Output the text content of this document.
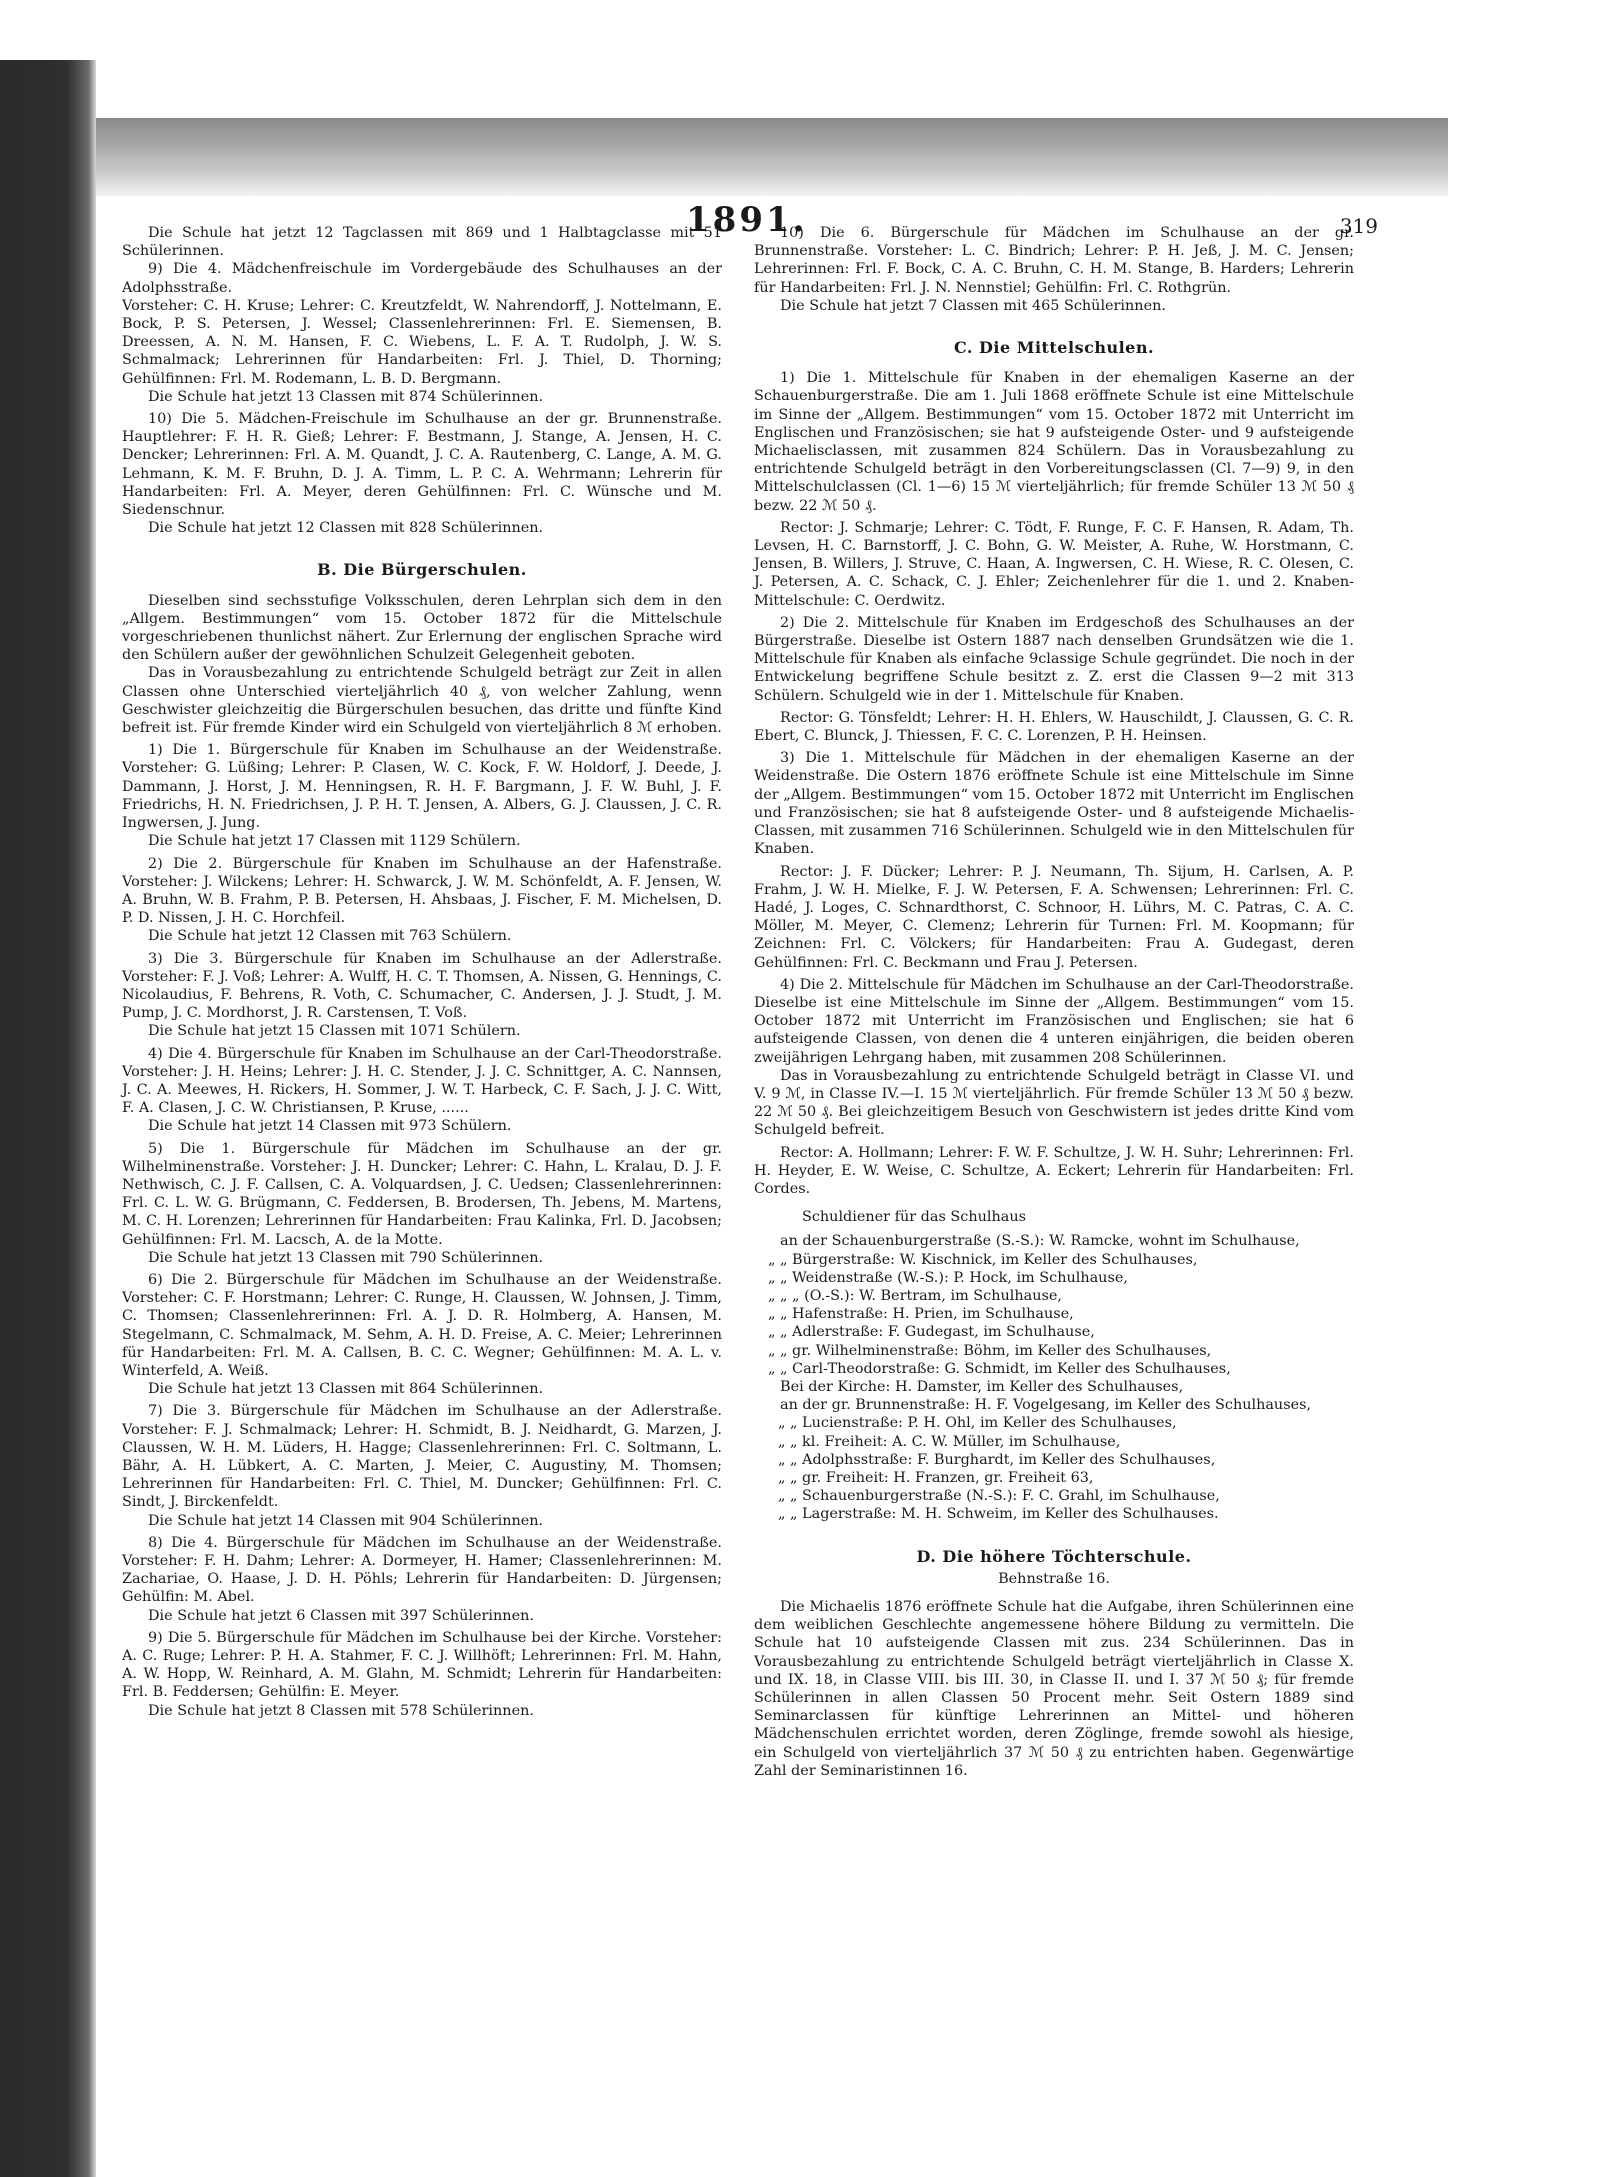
1891.	319

Die Schule hat jetzt 12 Tagclassen mit 869 und 1 Halbtagclasse mit 51 Schülerinnen.

9) Die 4. Mädchenfreischule im Vordergebäude des Schulhauses an der Adolphsstraße.

Vorsteher: C. H. Kruse; Lehrer: C. Kreutzfeldt, W. Nahrendorff, J. Nottelmann, E. Bock, P. S. Petersen, J. Wessel; Classenlehrerinnen: Frl. E. Siemensen, B. Dreessen, A. N. M. Hansen, F. C. Wiebens, L. F. A. T. Rudolph, J. W. S. Schmalmack; Lehrerinnen für Handarbeiten: Frl. J. Thiel, D. Thorning; Gehülfinnen: Frl. M. Rodemann, L. B. D. Bergmann.

Die Schule hat jetzt 13 Classen mit 874 Schülerinnen.

10) Die 5. Mädchen-Freischule im Schulhause an der gr. Brunnenstraße. Hauptlehrer: F. H. R. Gieß; Lehrer: F. Bestmann, J. Stange, A. Jensen, H. C. Dencker; Lehrerinnen: Frl. A. M. Quandt, J. C. A. Rautenberg, C. Lange, A. M. G. Lehmann, K. M. F. Bruhn, D. J. A. Timm, L. P. C. A. Wehrmann; Lehrerin für Handarbeiten: Frl. A. Meyer, deren Gehülfinnen: Frl. C. Wünsche und M. Siedenschnur.

Die Schule hat jetzt 12 Classen mit 828 Schülerinnen.

B. Die Bürgerschulen.

Dieselben sind sechsstufige Volksschulen, deren Lehrplan sich dem in den „Allgem. Bestimmungen“ vom 15. October 1872 für die Mittelschule vorgeschriebenen thunlichst nähert. Zur Erlernung der englischen Sprache wird den Schülern außer der gewöhnlichen Schulzeit Gelegenheit geboten.

Das in Vorausbezahlung zu entrichtende Schulgeld beträgt zur Zeit in allen Classen ohne Unterschied vierteljährlich 40 ₰, von welcher Zahlung, wenn Geschwister gleichzeitig die Bürgerschulen besuchen, das dritte und fünfte Kind befreit ist. Für fremde Kinder wird ein Schulgeld von vierteljährlich 8 ℳ erhoben.

1) Die 1. Bürgerschule für Knaben im Schulhause an der Weidenstraße. Vorsteher: G. Lüßing; Lehrer: P. Clasen, W. C. Kock, F. W. Holdorf, J. Deede, J. Dammann, J. Horst, J. M. Henningsen, R. H. F. Bargmann, J. F. W. Buhl, J. F. Friedrichs, H. N. Friedrichsen, J. P. H. T. Jensen, A. Albers, G. J. Claussen, J. C. R. Ingwersen, J. Jung.

Die Schule hat jetzt 17 Classen mit 1129 Schülern.

2) Die 2. Bürgerschule für Knaben im Schulhause an der Hafenstraße. Vorsteher: J. Wilckens; Lehrer: H. Schwarck, J. W. M. Schönfeldt, A. F. Jensen, W. A. Bruhn, W. B. Frahm, P. B. Petersen, H. Ahsbaas, J. Fischer, F. M. Michelsen, D. P. D. Nissen, J. H. C. Horchfeil.

Die Schule hat jetzt 12 Classen mit 763 Schülern.

3) Die 3. Bürgerschule für Knaben im Schulhause an der Adlerstraße. Vorsteher: F. J. Voß; Lehrer: A. Wulff, H. C. T. Thomsen, A. Nissen, G. Hennings, C. Nicolaudius, F. Behrens, R. Voth, C. Schumacher, C. Andersen, J. J. Studt, J. M. Pump, J. C. Mordhorst, J. R. Carstensen, T. Voß.

Die Schule hat jetzt 15 Classen mit 1071 Schülern.

4) Die 4. Bürgerschule für Knaben im Schulhause an der Carl-Theodorstraße. Vorsteher: J. H. Heins; Lehrer: J. H. C. Stender, J. J. C. Schnittger, A. C. Nannsen, J. C. A. Meewes, H. Rickers, H. Sommer, J. W. T. Harbeck, C. F. Sach, J. J. C. Witt, F. A. Clasen, J. C. W. Christiansen, P. Kruse, ......

Die Schule hat jetzt 14 Classen mit 973 Schülern.

5) Die 1. Bürgerschule für Mädchen im Schulhause an der gr. Wilhelminenstraße. Vorsteher: J. H. Duncker; Lehrer: C. Hahn, L. Kralau, D. J. F. Nethwisch, C. J. F. Callsen, C. A. Volquardsen, J. C. Uedsen; Classenlehrerinnen: Frl. C. L. W. G. Brügmann, C. Feddersen, B. Brodersen, Th. Jebens, M. Martens, M. C. H. Lorenzen; Lehrerinnen für Handarbeiten: Frau Kalinka, Frl. D. Jacobsen; Gehülfinnen: Frl. M. Lacsch, A. de la Motte.

Die Schule hat jetzt 13 Classen mit 790 Schülerinnen.

6) Die 2. Bürgerschule für Mädchen im Schulhause an der Weidenstraße. Vorsteher: C. F. Horstmann; Lehrer: C. Runge, H. Claussen, W. Johnsen, J. Timm, C. Thomsen; Classenlehrerinnen: Frl. A. J. D. R. Holmberg, A. Hansen, M. Stegelmann, C. Schmalmack, M. Sehm, A. H. D. Freise, A. C. Meier; Lehrerinnen für Handarbeiten: Frl. M. A. Callsen, B. C. C. Wegner; Gehülfinnen: M. A. L. v. Winterfeld, A. Weiß.

Die Schule hat jetzt 13 Classen mit 864 Schülerinnen.

7) Die 3. Bürgerschule für Mädchen im Schulhause an der Adlerstraße. Vorsteher: F. J. Schmalmack; Lehrer: H. Schmidt, B. J. Neidhardt, G. Marzen, J. Claussen, W. H. M. Lüders, H. Hagge; Classenlehrerinnen: Frl. C. Soltmann, L. Bähr, A. H. Lübkert, A. C. Marten, J. Meier, C. Augustiny, M. Thomsen; Lehrerinnen für Handarbeiten: Frl. C. Thiel, M. Duncker; Gehülfinnen: Frl. C. Sindt, J. Birckenfeldt.

Die Schule hat jetzt 14 Classen mit 904 Schülerinnen.

8) Die 4. Bürgerschule für Mädchen im Schulhause an der Weidenstraße. Vorsteher: F. H. Dahm; Lehrer: A. Dormeyer, H. Hamer; Classenlehrerinnen: M. Zachariae, O. Haase, J. D. H. Pöhls; Lehrerin für Handarbeiten: D. Jürgensen; Gehülfin: M. Abel.

Die Schule hat jetzt 6 Classen mit 397 Schülerinnen.

9) Die 5. Bürgerschule für Mädchen im Schulhause bei der Kirche. Vorsteher: A. C. Ruge; Lehrer: P. H. A. Stahmer, F. C. J. Willhöft; Lehrerinnen: Frl. M. Hahn, A. W. Hopp, W. Reinhard, A. M. Glahn, M. Schmidt; Lehrerin für Handarbeiten: Frl. B. Feddersen; Gehülfin: E. Meyer.

Die Schule hat jetzt 8 Classen mit 578 Schülerinnen.

10) Die 6. Bürgerschule für Mädchen im Schulhause an der gr. Brunnenstraße. Vorsteher: L. C. Bindrich; Lehrer: P. H. Jeß, J. M. C. Jensen; Lehrerinnen: Frl. F. Bock, C. A. C. Bruhn, C. H. M. Stange, B. Harders; Lehrerin für Handarbeiten: Frl. J. N. Nennstiel; Gehülfin: Frl. C. Rothgrün.

Die Schule hat jetzt 7 Classen mit 465 Schülerinnen.

C. Die Mittelschulen.

1) Die 1. Mittelschule für Knaben in der ehemaligen Kaserne an der Schauenburgerstraße. Die am 1. Juli 1868 eröffnete Schule ist eine Mittelschule im Sinne der „Allgem. Bestimmungen“ vom 15. October 1872 mit Unterricht im Englischen und Französischen; sie hat 9 aufsteigende Oster- und 9 aufsteigende Michaelisclassen, mit zusammen 824 Schülern. Das in Vorausbezahlung zu entrichtende Schulgeld beträgt in den Vorbereitungsclassen (Cl. 7—9) 9, in den Mittelschulclassen (Cl. 1—6) 15 ℳ vierteljährlich; für fremde Schüler 13 ℳ 50 ₰ bezw. 22 ℳ 50 ₰.

Rector: J. Schmarje; Lehrer: C. Tödt, F. Runge, F. C. F. Hansen, R. Adam, Th. Levsen, H. C. Barnstorff, J. C. Bohn, G. W. Meister, A. Ruhe, W. Horstmann, C. Jensen, B. Willers, J. Struve, C. Haan, A. Ingwersen, C. H. Wiese, R. C. Olesen, C. J. Petersen, A. C. Schack, C. J. Ehler; Zeichenlehrer für die 1. und 2. Knaben-Mittelschule: C. Oerdwitz.

2) Die 2. Mittelschule für Knaben im Erdgeschoß des Schulhauses an der Bürgerstraße. Dieselbe ist Ostern 1887 nach denselben Grundsätzen wie die 1. Mittelschule für Knaben als einfache 9classige Schule gegründet. Die noch in der Entwickelung begriffene Schule besitzt z. Z. erst die Classen 9—2 mit 313 Schülern. Schulgeld wie in der 1. Mittelschule für Knaben.

Rector: G. Tönsfeldt; Lehrer: H. H. Ehlers, W. Hauschildt, J. Claussen, G. C. R. Ebert, C. Blunck, J. Thiessen, F. C. C. Lorenzen, P. H. Heinsen.

3) Die 1. Mittelschule für Mädchen in der ehemaligen Kaserne an der Weidenstraße. Die Ostern 1876 eröffnete Schule ist eine Mittelschule im Sinne der „Allgem. Bestimmungen“ vom 15. October 1872 mit Unterricht im Englischen und Französischen; sie hat 8 aufsteigende Oster- und 8 aufsteigende Michaelis-Classen, mit zusammen 716 Schülerinnen. Schulgeld wie in den Mittelschulen für Knaben.

Rector: J. F. Dücker; Lehrer: P. J. Neumann, Th. Sijum, H. Carlsen, A. P. Frahm, J. W. H. Mielke, F. J. W. Petersen, F. A. Schwensen; Lehrerinnen: Frl. C. Hadé, J. Loges, C. Schnardthorst, C. Schnoor, H. Lührs, M. C. Patras, C. A. C. Möller, M. Meyer, C. Clemenz; Lehrerin für Turnen: Frl. M. Koopmann; für Zeichnen: Frl. C. Völckers; für Handarbeiten: Frau A. Gudegast, deren Gehülfinnen: Frl. C. Beckmann und Frau J. Petersen.

4) Die 2. Mittelschule für Mädchen im Schulhause an der Carl-Theodorstraße. Dieselbe ist eine Mittelschule im Sinne der „Allgem. Bestimmungen“ vom 15. October 1872 mit Unterricht im Französischen und Englischen; sie hat 6 aufsteigende Classen, von denen die 4 unteren einjährigen, die beiden oberen zweijährigen Lehrgang haben, mit zusammen 208 Schülerinnen.

Das in Vorausbezahlung zu entrichtende Schulgeld beträgt in Classe VI. und V. 9 ℳ, in Classe IV.—I. 15 ℳ vierteljährlich. Für fremde Schüler 13 ℳ 50 ₰ bezw. 22 ℳ 50 ₰. Bei gleichzeitigem Besuch von Geschwistern ist jedes dritte Kind vom Schulgeld befreit.

Rector: A. Hollmann; Lehrer: F. W. F. Schultze, J. W. H. Suhr; Lehrerinnen: Frl. H. Heyder, E. W. Weise, C. Schultze, A. Eckert; Lehrerin für Handarbeiten: Frl. Cordes.

Schuldiener für das Schulhaus

an der Schauenburgerstraße (S.-S.): W. Ramcke, wohnt im Schulhause,

„ „ Bürgerstraße: W. Kischnick, im Keller des Schulhauses,

„ „ Weidenstraße (W.-S.): P. Hock, im Schulhause,

„ „ „ (O.-S.): W. Bertram, im Schulhause,

„ „ Hafenstraße: H. Prien, im Schulhause,

„ „ Adlerstraße: F. Gudegast, im Schulhause,

„ „ gr. Wilhelminenstraße: Böhm, im Keller des Schulhauses,

„ „ Carl-Theodorstraße: G. Schmidt, im Keller des Schulhauses,

Bei der Kirche: H. Damster, im Keller des Schulhauses,

an der gr. Brunnenstraße: H. F. Vogelgesang, im Keller des Schulhauses,

„ „ Lucienstraße: P. H. Ohl, im Keller des Schulhauses,

„ „ kl. Freiheit: A. C. W. Müller, im Schulhause,

„ „ Adolphsstraße: F. Burghardt, im Keller des Schulhauses,

„ „ gr. Freiheit: H. Franzen, gr. Freiheit 63,

„ „ Schauenburgerstraße (N.-S.): F. C. Grahl, im Schulhause,

„ „ Lagerstraße: M. H. Schweim, im Keller des Schulhauses.

D. Die höhere Töchterschule.

Behnstraße 16.

Die Michaelis 1876 eröffnete Schule hat die Aufgabe, ihren Schülerinnen eine dem weiblichen Geschlechte angemessene höhere Bildung zu vermitteln. Die Schule hat 10 aufsteigende Classen mit zus. 234 Schülerinnen. Das in Vorausbezahlung zu entrichtende Schulgeld beträgt vierteljährlich in Classe X. und IX. 18, in Classe VIII. bis III. 30, in Classe II. und I. 37 ℳ 50 ₰; für fremde Schülerinnen in allen Classen 50 Procent mehr. Seit Ostern 1889 sind Seminarclassen für künftige Lehrerinnen an Mittel- und höheren Mädchenschulen errichtet worden, deren Zöglinge, fremde sowohl als hiesige, ein Schulgeld von vierteljährlich 37 ℳ 50 ₰ zu entrichten haben. Gegenwärtige Zahl der Seminaristinnen 16.
